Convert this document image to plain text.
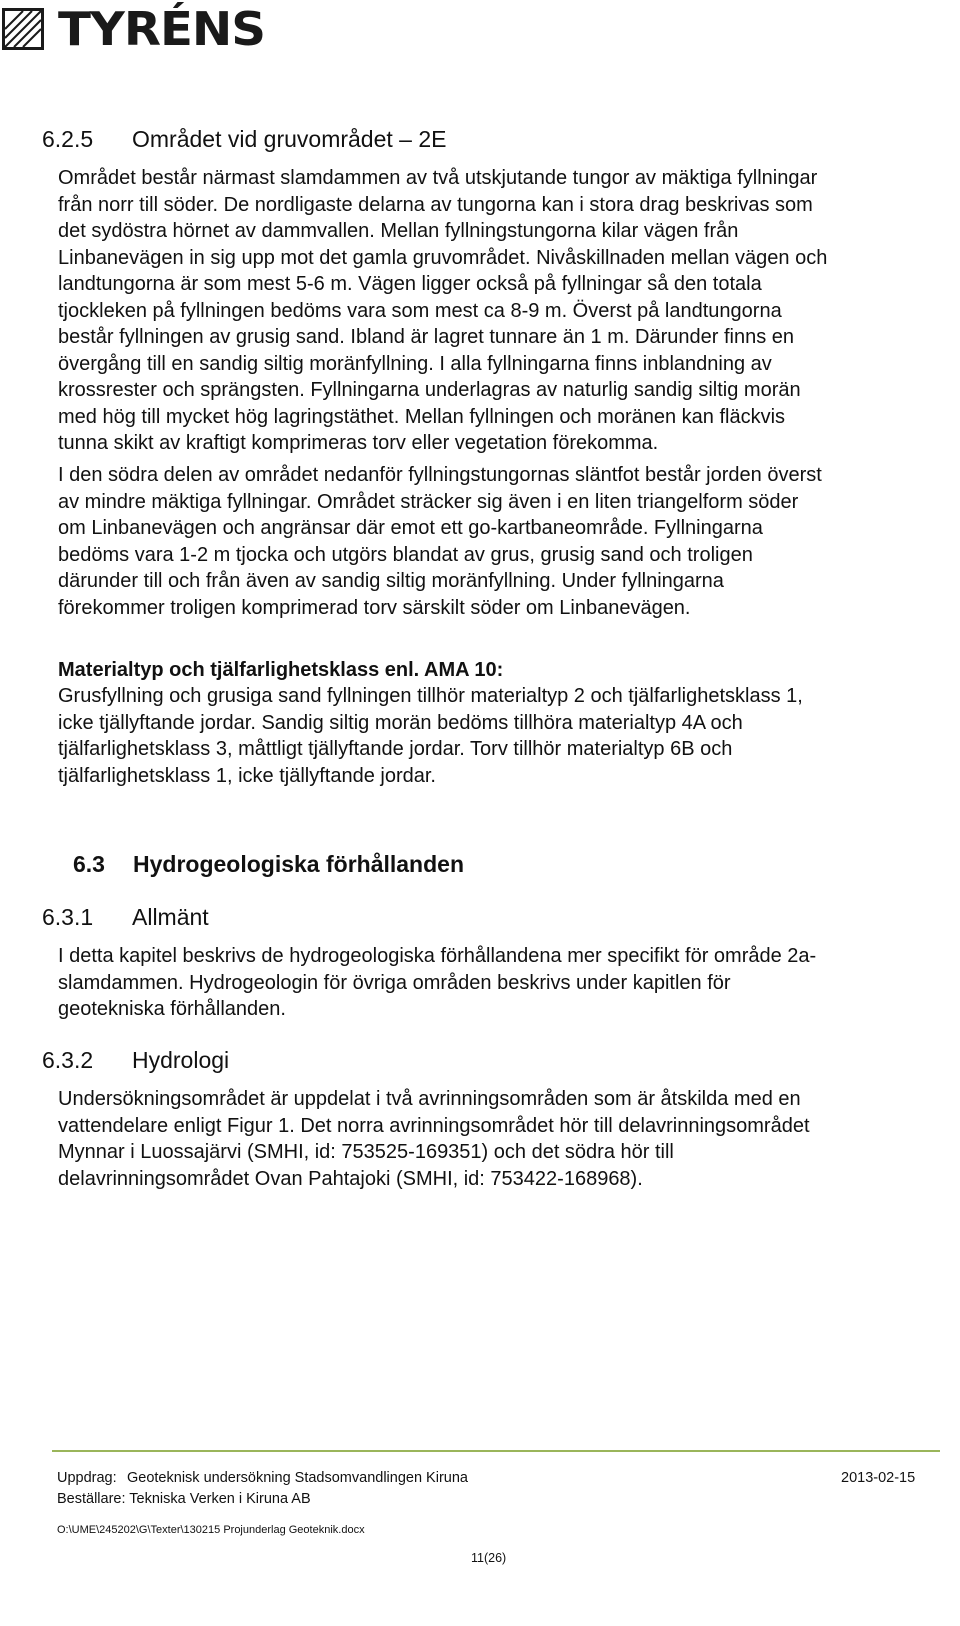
TYRÉNS
6.2.5 Området vid gruvområdet – 2E

Området består närmast slamdammen av två utskjutande tungor av mäktiga fyllningar
från norr till söder. De nordligaste delarna av tungorna kan i stora drag beskrivas som
det sydöstra hörnet av dammvallen. Mellan fyllningstungorna kilar vägen från
Linbanevägen in sig upp mot det gamla gruvområdet. Nivåskillnaden mellan vägen och
landtungorna är som mest 5-6 m. Vägen ligger också på fyllningar så den totala
tjockleken på fyllningen bedöms vara som mest ca 8-9 m. Överst på landtungorna
består fyllningen av grusig sand. Ibland är lagret tunnare än 1 m. Därunder finns en
övergång till en sandig siltig moränfyllning. I alla fyllningarna finns inblandning av
krossrester och sprängsten. Fyllningarna underlagras av naturlig sandig siltig morän
med hög till mycket hög lagringstäthet. Mellan fyllningen och moränen kan fläckvis
tunna skikt av kraftigt komprimeras torv eller vegetation förekomma.

I den södra delen av området nedanför fyllningstungornas släntfot består jorden överst
av mindre mäktiga fyllningar. Området sträcker sig även i en liten triangelform söder
om Linbanevägen och angränsar där emot ett go-kartbaneområde. Fyllningarna
bedöms vara 1-2 m tjocka och utgörs blandat av grus, grusig sand och troligen
därunder till och från även av sandig siltig moränfyllning. Under fyllningarna
förekommer troligen komprimerad torv särskilt söder om Linbanevägen.

Materialtyp och tjälfarlighetsklass enl. AMA 10:

Grusfyllning och grusiga sand fyllningen tillhör materialtyp 2 och tjälfarlighetsklass 1,
icke tjällyftande jordar. Sandig siltig morän bedöms tillhöra materialtyp 4A och
tjälfarlighetsklass 3, måttligt tjällyftande jordar. Torv tillhör materialtyp 6B och
tjälfarlighetsklass 1, icke tjällyftande jordar.

6.3 Hydrogeologiska förhållanden
6.3.1 Allmänt

I detta kapitel beskrivs de hydrogeologiska förhållandena mer specifikt för område 2a-
slamdammen. Hydrogeologin för övriga områden beskrivs under kapitlen för
geotekniska förhållanden.

6.3.2 Hydrologi

Undersökningsområdet är uppdelat i två avrinningsområden som är åtskilda med en
vattendelare enligt Figur 1. Det norra avrinningsområdet hör till delavrinningsområdet
Mynnar i Luossajärvi (SMHI, id: 753525-169351) och det södra hör till
delavrinningsområdet Ovan Pahtajoki (SMHI, id: 753422-168968).

Uppdrag: Geoteknisk undersökning Stadsomvandlingen Kiruna	2013-02-15
Beställare: Tekniska Verken i Kiruna AB
O:\UME\245202\G\Texter\130215 Projunderlag Geoteknik.docx
11(26)
